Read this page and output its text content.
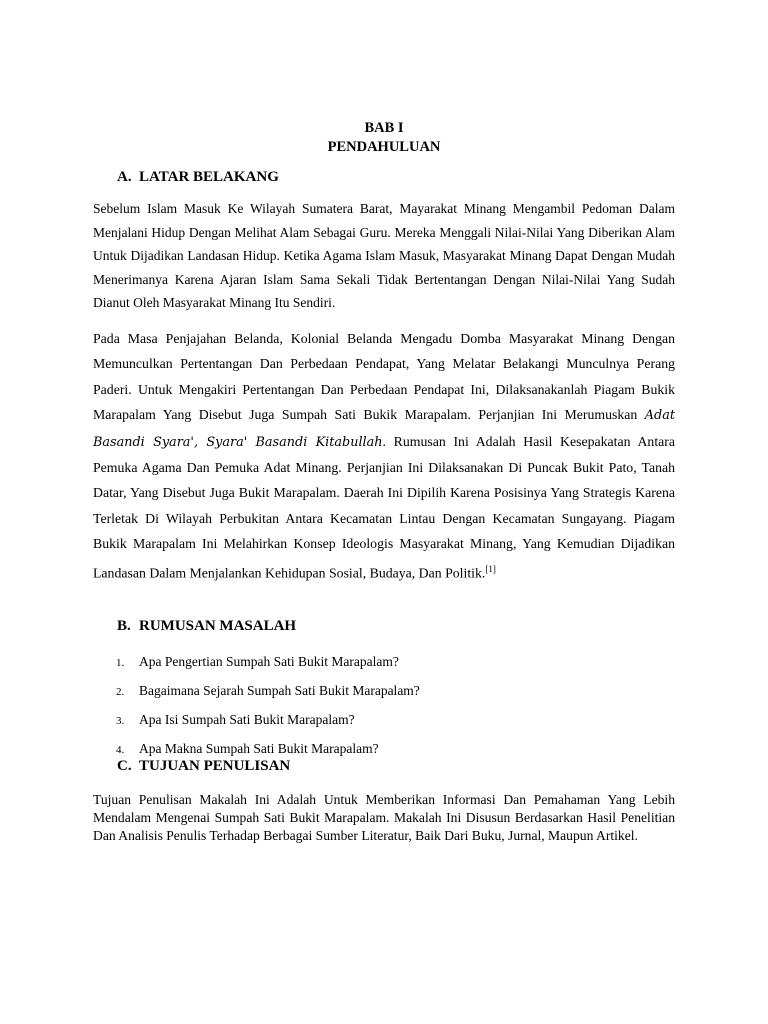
BAB I
PENDAHULUAN
A. LATAR BELAKANG
Sebelum Islam Masuk Ke Wilayah Sumatera Barat, Mayarakat Minang Mengambil Pedoman Dalam Menjalani Hidup Dengan Melihat Alam Sebagai Guru. Mereka Menggali Nilai-Nilai Yang Diberikan Alam Untuk Dijadikan Landasan Hidup. Ketika Agama Islam Masuk, Masyarakat Minang Dapat Dengan Mudah Menerimanya Karena Ajaran Islam Sama Sekali Tidak Bertentangan Dengan Nilai-Nilai Yang Sudah Dianut Oleh Masyarakat Minang Itu Sendiri.
Pada Masa Penjajahan Belanda, Kolonial Belanda Mengadu Domba Masyarakat Minang Dengan Memunculkan Pertentangan Dan Perbedaan Pendapat, Yang Melatar Belakangi Munculnya Perang Paderi. Untuk Mengakiri Pertentangan Dan Perbedaan Pendapat Ini, Dilaksanakanlah Piagam Bukik Marapalam Yang Disebut Juga Sumpah Sati Bukik Marapalam. Perjanjian Ini Merumuskan Adat Basandi Syara', Syara' Basandi Kitabullah. Rumusan Ini Adalah Hasil Kesepakatan Antara Pemuka Agama Dan Pemuka Adat Minang. Perjanjian Ini Dilaksanakan Di Puncak Bukit Pato, Tanah Datar, Yang Disebut Juga Bukit Marapalam. Daerah Ini Dipilih Karena Posisinya Yang Strategis Karena Terletak Di Wilayah Perbukitan Antara Kecamatan Lintau Dengan Kecamatan Sungayang. Piagam Bukik Marapalam Ini Melahirkan Konsep Ideologis Masyarakat Minang, Yang Kemudian Dijadikan Landasan Dalam Menjalankan Kehidupan Sosial, Budaya, Dan Politik.[1]
B. RUMUSAN MASALAH
1. Apa Pengertian Sumpah Sati Bukit Marapalam?
2. Bagaimana Sejarah Sumpah Sati Bukit Marapalam?
3. Apa Isi Sumpah Sati Bukit Marapalam?
4. Apa Makna Sumpah Sati Bukit Marapalam?
C. TUJUAN PENULISAN
Tujuan Penulisan Makalah Ini Adalah Untuk Memberikan Informasi Dan Pemahaman Yang Lebih Mendalam Mengenai Sumpah Sati Bukit Marapalam. Makalah Ini Disusun Berdasarkan Hasil Penelitian Dan Analisis Penulis Terhadap Berbagai Sumber Literatur, Baik Dari Buku, Jurnal, Maupun Artikel.
